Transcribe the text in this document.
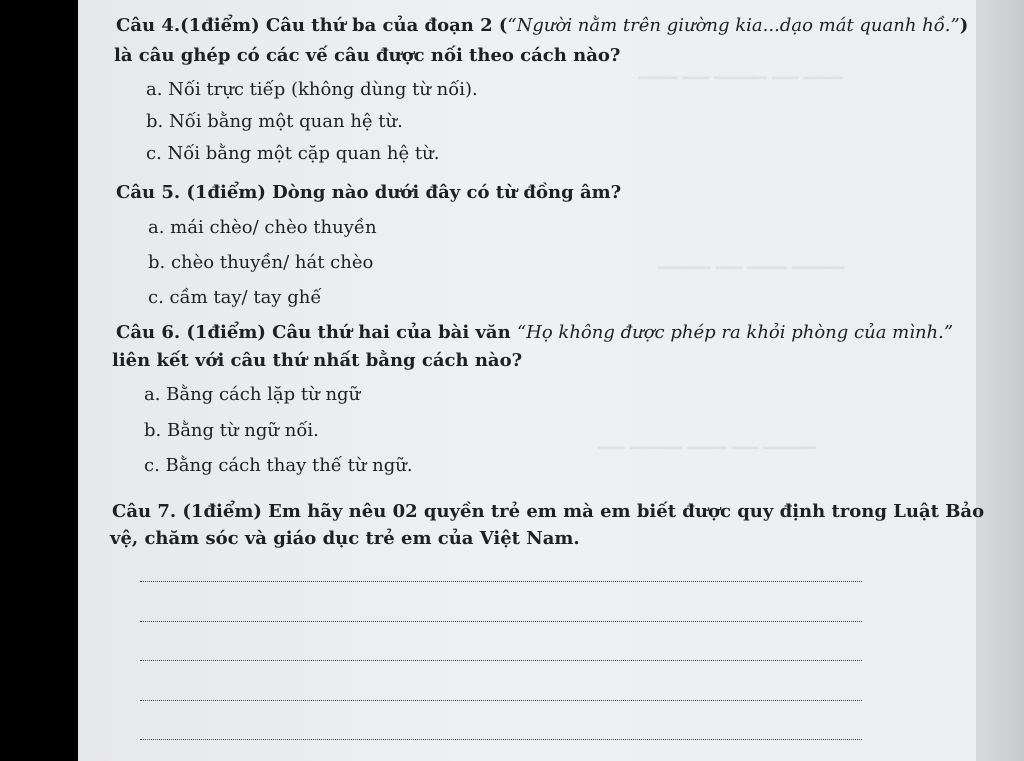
▁▁▁ ▁▁ ▁▁▁▁ ▁▁ ▁▁▁
▁▁▁▁ ▁▁ ▁▁▁ ▁▁▁▁
▁▁ ▁▁▁▁ ▁▁▁ ▁▁ ▁▁▁▁
Câu 4.(1điểm) Câu thứ ba của đoạn 2 (“Người nằm trên giường kia...dạo mát quanh hồ.”)
là câu ghép có các vế câu được nối theo cách nào?
a. Nối trực tiếp (không dùng từ nối).
b. Nối bằng một quan hệ từ.
c. Nối bằng một cặp quan hệ từ.
Câu 5. (1điểm) Dòng nào dưới đây có từ đồng âm?
a. mái chèo/ chèo thuyền
b. chèo thuyền/ hát chèo
c. cầm tay/ tay ghế
Câu 6. (1điểm) Câu thứ hai của bài văn “Họ không được phép ra khỏi phòng của mình.”
liên kết với câu thứ nhất bằng cách nào?
a. Bằng cách lặp từ ngữ
b. Bằng từ ngữ nối.
c. Bằng cách thay thế từ ngữ.
Câu 7. (1điểm) Em hãy nêu 02 quyền trẻ em mà em biết được quy định trong Luật Bảo
vệ, chăm sóc và giáo dục trẻ em của Việt Nam.
